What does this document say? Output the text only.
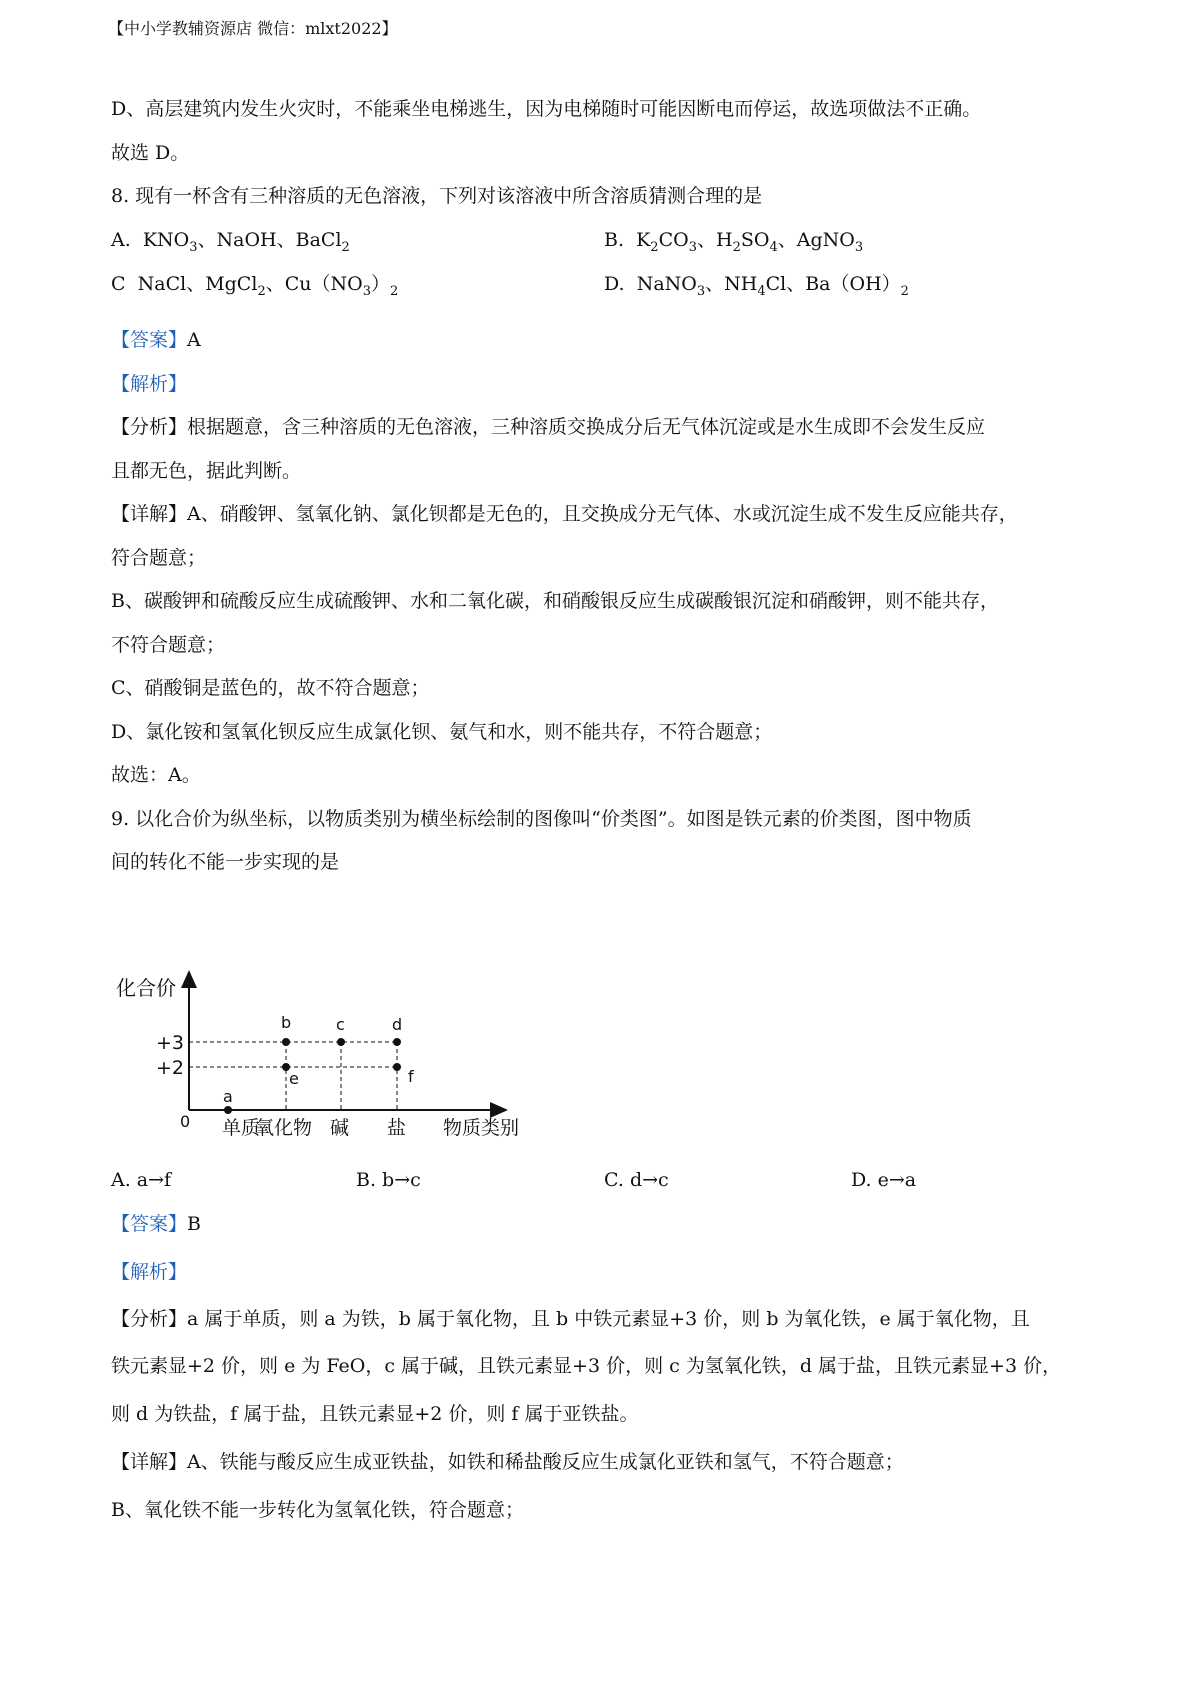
【中小学教辅资源店 微信：mlxt2022】
D、高层建筑内发生火灾时，不能乘坐电梯逃生，因为电梯随时可能因断电而停运，故选项做法不正确。
故选 D。
8. 现有一杯含有三种溶质的无色溶液，下列对该溶液中所含溶质猜测合理的是
A.  $KNO_3$、NaOH、BaCl$_2$	B.  $K_2CO_3$、$H_2SO_4$、AgNO$_3$
C  NaCl、MgCl$_2$、$Cu(NO_3)_2$	D.  NaNO$_3$、$NH_4Cl$、$Ba(OH)_2$
【答案】A
【解析】
【分析】根据题意，含三种溶质的无色溶液，三种溶质交换成分后无气体沉淀或是水生成即不会发生反应
且都无色，据此判断。
【详解】A、硝酸钾、氢氧化钠、氯化钡都是无色的，且交换成分无气体、水或沉淀生成不发生反应能共存，
符合题意；
B、碳酸钾和硫酸反应生成硫酸钾、水和二氧化碳，和硝酸银反应生成碳酸银沉淀和硝酸钾，则不能共存，
不符合题意；
C、硝酸铜是蓝色的，故不符合题意；
D、氯化铵和氢氧化钡反应生成氯化钡、氨气和水，则不能共存，不符合题意；
故选：A。
9. 以化合价为纵坐标，以物质类别为横坐标绘制的图像叫“价类图”。如图是铁元素的价类图，图中物质
间的转化不能一步实现的是
化合价
物质类别
+3
+2
0 单质
氧化物 碱 盐
a
b
e
c	d
f
A. a→f	B. b→c	C. d→c	D. e→a
【答案】B
【解析】
【分析】a 属于单质，则 a 为铁，b 属于氧化物，且 b 中铁元素显+3 价，则 b 为氧化铁，e 属于氧化物，且
铁元素显+2 价，则 e 为 FeO，c 属于碱，且铁元素显+3 价，则 c 为氢氧化铁，d 属于盐，且铁元素显+3 价，
则 d 为铁盐，f 属于盐，且铁元素显+2 价，则 f 属于亚铁盐。
【详解】A、铁能与酸反应生成亚铁盐，如铁和稀盐酸反应生成氯化亚铁和氢气，不符合题意；
B、氧化铁不能一步转化为氢氧化铁，符合题意；
